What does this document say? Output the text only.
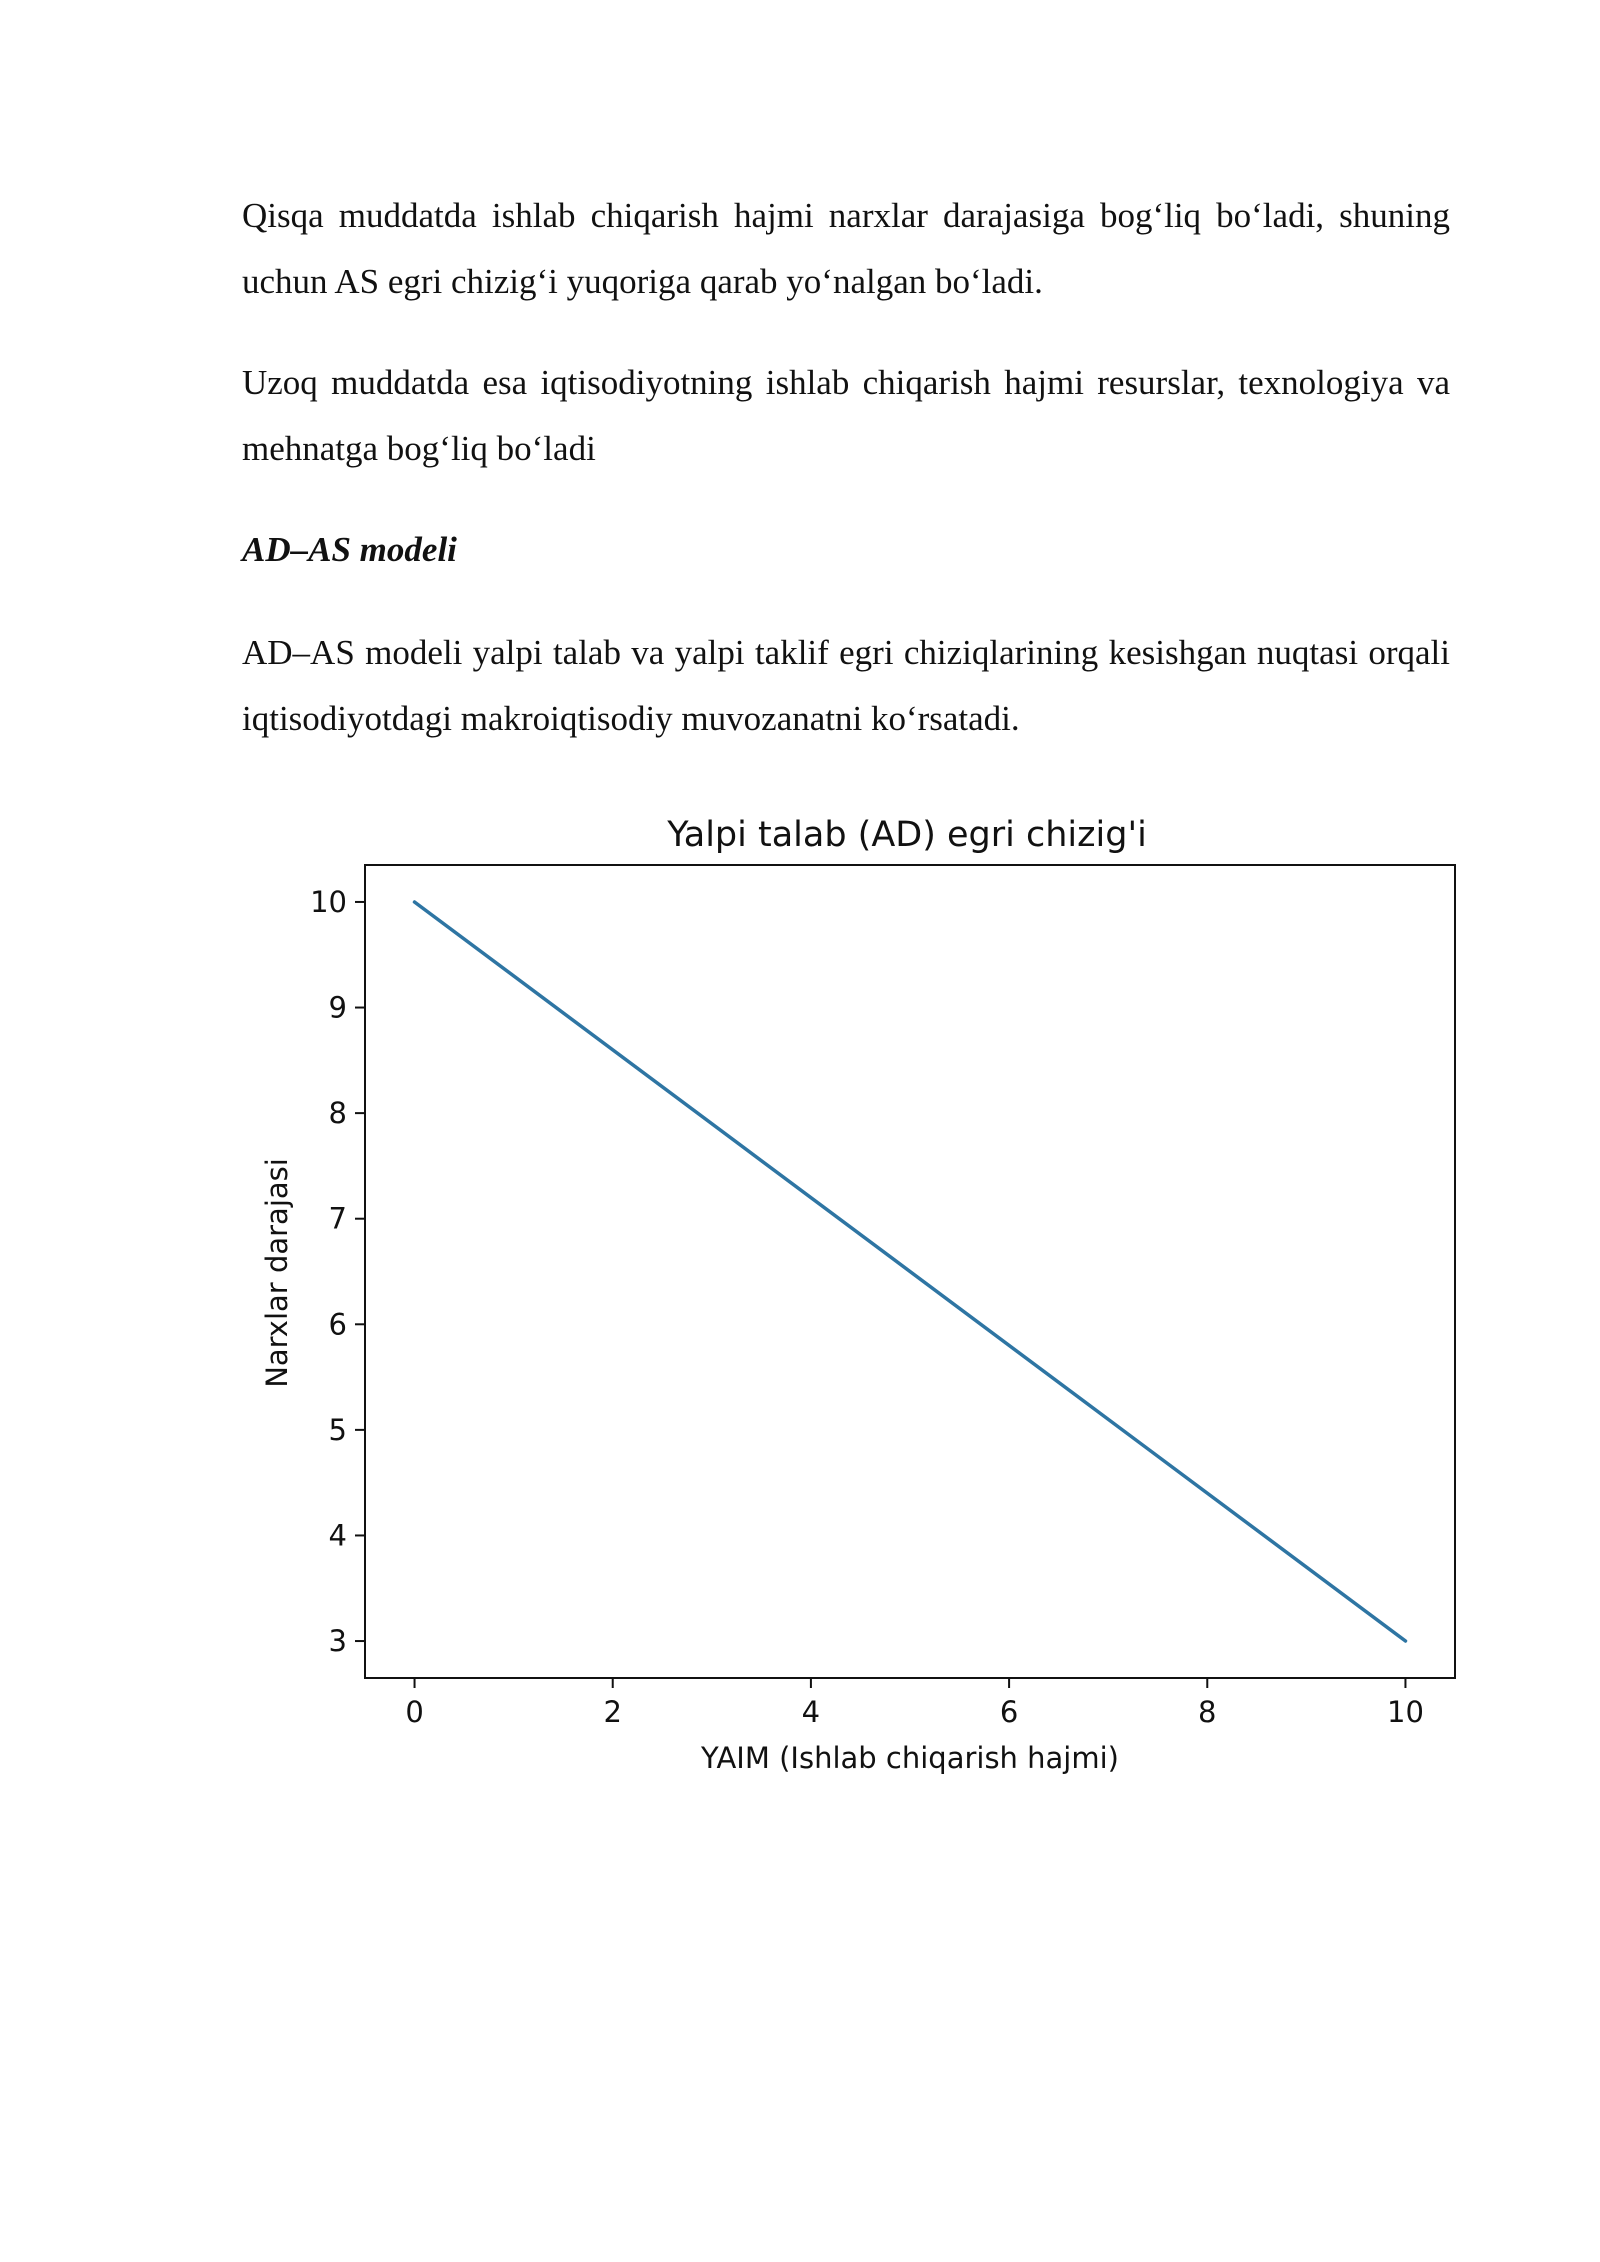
Qisqa muddatda ishlab chiqarish hajmi narxlar darajasiga bog‘liq bo‘ladi, shuning uchun AS egri chizig‘i yuqoriga qarab yo‘nalgan bo‘ladi.

Uzoq muddatda esa iqtisodiyotning ishlab chiqarish hajmi resurslar, texnologiya va mehnatga bog‘liq bo‘ladi

AD–AS modeli

AD–AS modeli yalpi talab va yalpi taklif egri chiziqlarining kesishgan nuqtasi orqali iqtisodiyotdagi makroiqtisodiy muvozanatni ko‘rsatadi.

Yalpi talab (AD) egri chizig'i
0	2	4	6	8	10
3
4
5
6
7
8
9
10
YAIM (Ishlab chiqarish hajmi)
Narxlar darajasi
